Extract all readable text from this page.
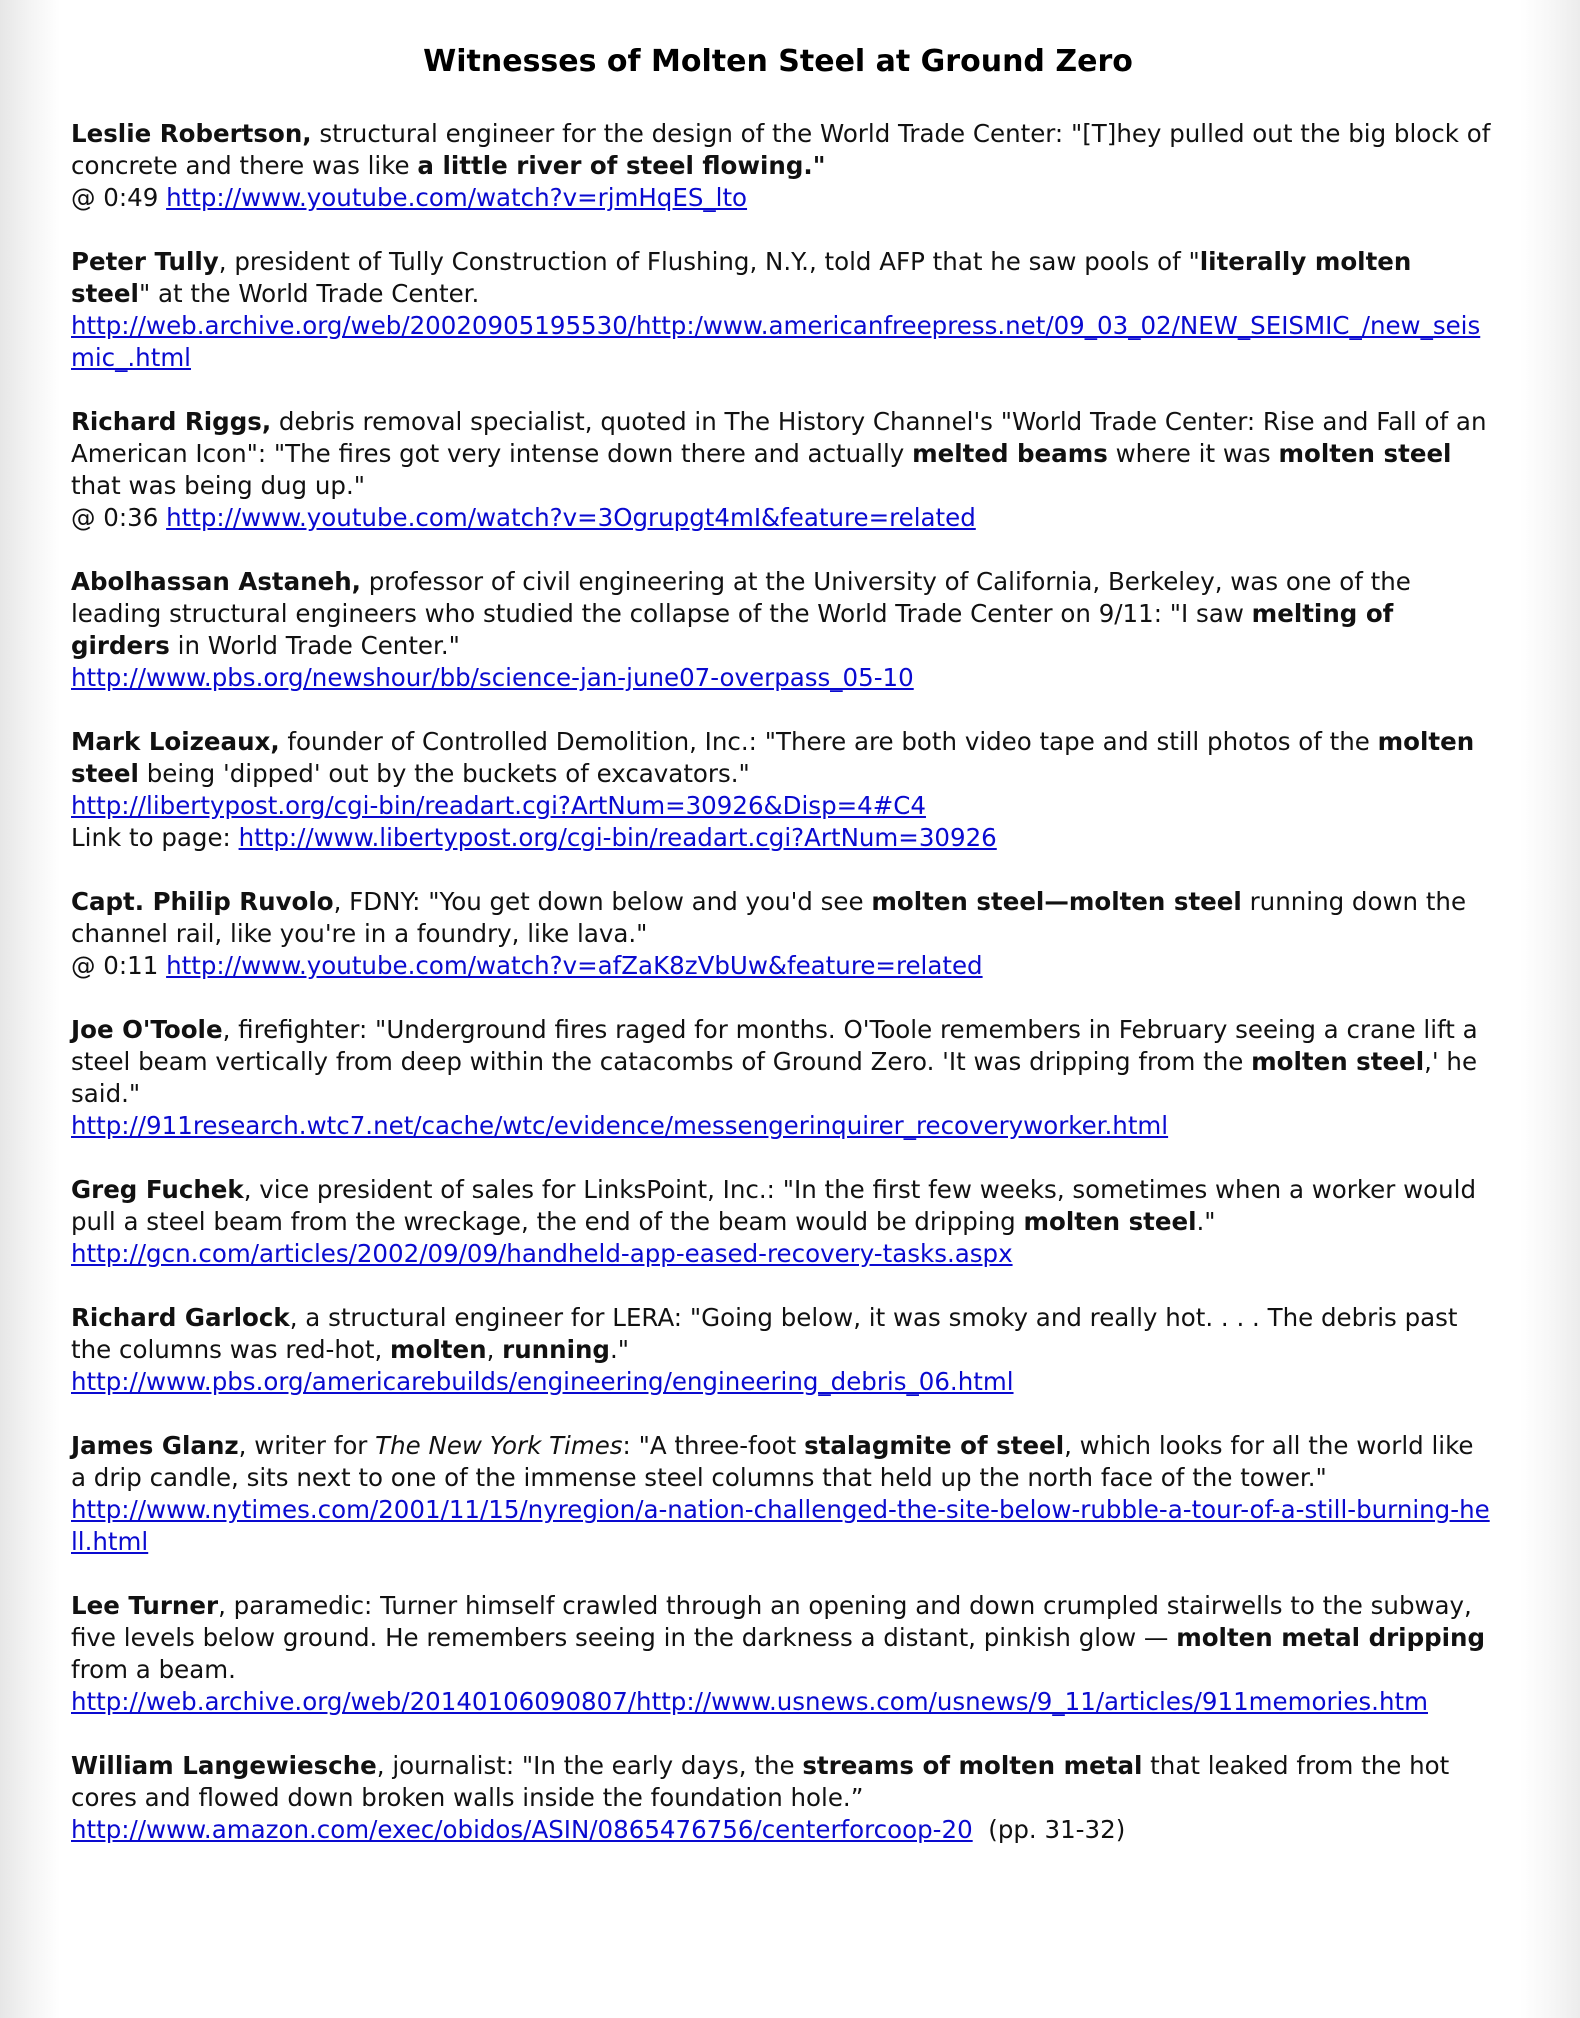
Witnesses of Molten Steel at Ground Zero

Leslie Robertson, structural engineer for the design of the World Trade Center: "[T]hey pulled out the big block of concrete and there was like a little river of steel flowing."

@ 0:49 http://www.youtube.com/watch?v=rjmHqES_lto

Peter Tully, president of Tully Construction of Flushing, N.Y., told AFP that he saw pools of "literally molten steel" at the World Trade Center.

http://web.archive.org/web/20020905195530/http:/www.americanfreepress.net/09_03_02/NEW_SEISMIC_/new_seismic_.html

Richard Riggs, debris removal specialist, quoted in The History Channel's "World Trade Center: Rise and Fall of an American Icon": "The fires got very intense down there and actually melted beams where it was molten steel that was being dug up."

@ 0:36 http://www.youtube.com/watch?v=3Ogrupgt4mI&feature=related

Abolhassan Astaneh, professor of civil engineering at the University of California, Berkeley, was one of the leading structural engineers who studied the collapse of the World Trade Center on 9/11: "I saw melting of girders in World Trade Center."

http://www.pbs.org/newshour/bb/science-jan-june07-overpass_05-10

Mark Loizeaux, founder of Controlled Demolition, Inc.: "There are both video tape and still photos of the molten steel being 'dipped' out by the buckets of excavators."

http://libertypost.org/cgi-bin/readart.cgi?ArtNum=30926&Disp=4#C4

Link to page: http://www.libertypost.org/cgi-bin/readart.cgi?ArtNum=30926

Capt. Philip Ruvolo, FDNY: "You get down below and you'd see molten steel—molten steel running down the channel rail, like you're in a foundry, like lava."

@ 0:11 http://www.youtube.com/watch?v=afZaK8zVbUw&feature=related

Joe O'Toole, firefighter: "Underground fires raged for months. O'Toole remembers in February seeing a crane lift a steel beam vertically from deep within the catacombs of Ground Zero. 'It was dripping from the molten steel,' he said."

http://911research.wtc7.net/cache/wtc/evidence/messengerinquirer_recoveryworker.html

Greg Fuchek, vice president of sales for LinksPoint, Inc.: "In the first few weeks, sometimes when a worker would pull a steel beam from the wreckage, the end of the beam would be dripping molten steel."

http://gcn.com/articles/2002/09/09/handheld-app-eased-recovery-tasks.aspx

Richard Garlock, a structural engineer for LERA: "Going below, it was smoky and really hot. . . . The debris past the columns was red-hot, molten, running."

http://www.pbs.org/americarebuilds/engineering/engineering_debris_06.html

James Glanz, writer for The New York Times: "A three-foot stalagmite of steel, which looks for all the world like a drip candle, sits next to one of the immense steel columns that held up the north face of the tower."

http://www.nytimes.com/2001/11/15/nyregion/a-nation-challenged-the-site-below-rubble-a-tour-of-a-still-burning-hell.html

Lee Turner, paramedic: Turner himself crawled through an opening and down crumpled stairwells to the subway, five levels below ground. He remembers seeing in the darkness a distant, pinkish glow — molten metal dripping from a beam.

http://web.archive.org/web/20140106090807/http://www.usnews.com/usnews/9_11/articles/911memories.htm

William Langewiesche, journalist: "In the early days, the streams of molten metal that leaked from the hot cores and flowed down broken walls inside the foundation hole.”

http://www.amazon.com/exec/obidos/ASIN/0865476756/centerforcoop-20  (pp. 31-32)
